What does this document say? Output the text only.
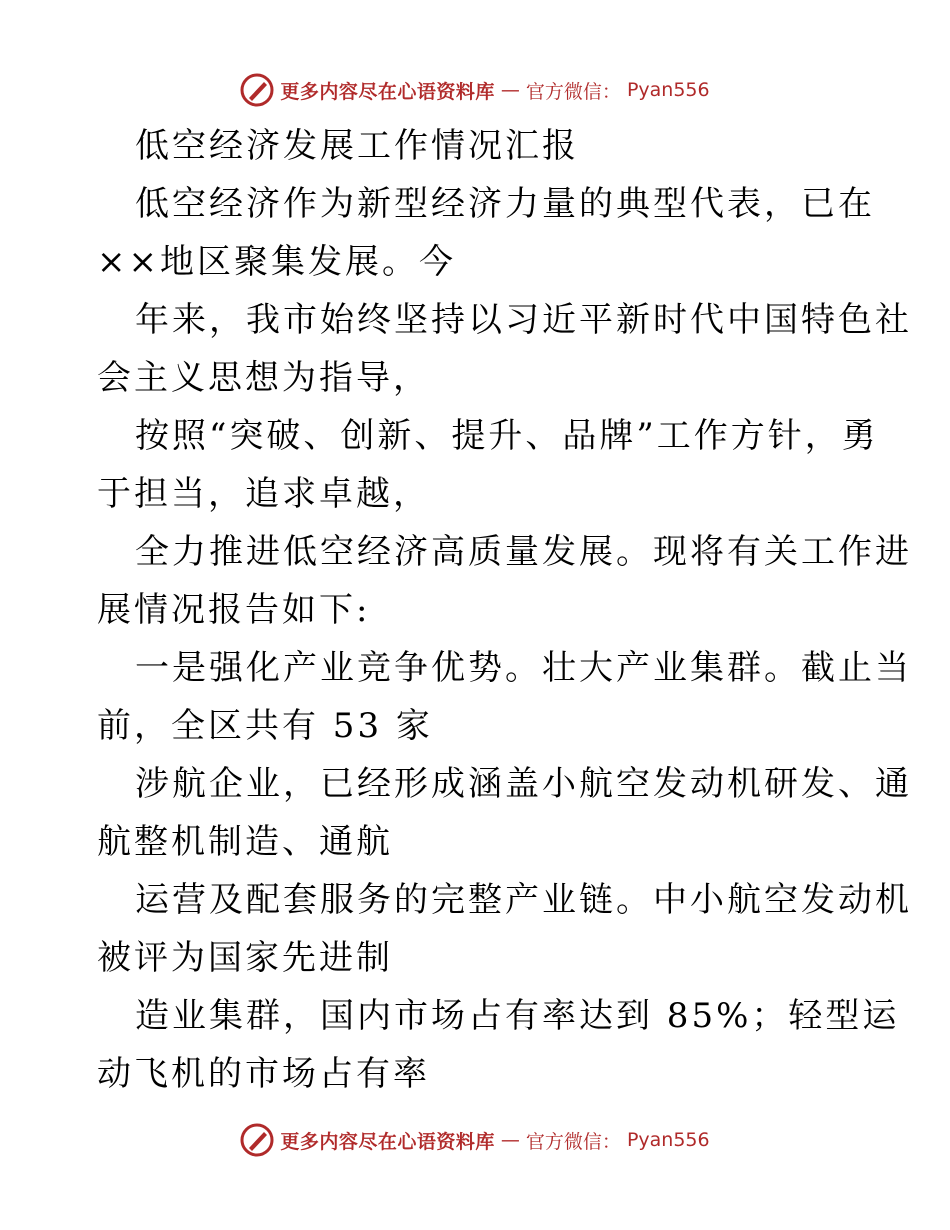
更多内容尽在心语资料库 — 官方微信： Pyan556
低空经济发展工作情况汇报
低空经济作为新型经济力量的典型代表，已在
××地区聚集发展。今
年来，我市始终坚持以习近平新时代中国特色社
会主义思想为指导，
按照“突破、创新、提升、品牌”工作方针，勇
于担当，追求卓越，
全力推进低空经济高质量发展。现将有关工作进
展情况报告如下:
一是强化产业竞争优势。壮大产业集群。截止当
前，全区共有 53 家
涉航企业，已经形成涵盖小航空发动机研发、通
航整机制造、通航
运营及配套服务的完整产业链。中小航空发动机
被评为国家先进制
造业集群，国内市场占有率达到 85%；轻型运
动飞机的市场占有率
更多内容尽在心语资料库 — 官方微信： Pyan556
